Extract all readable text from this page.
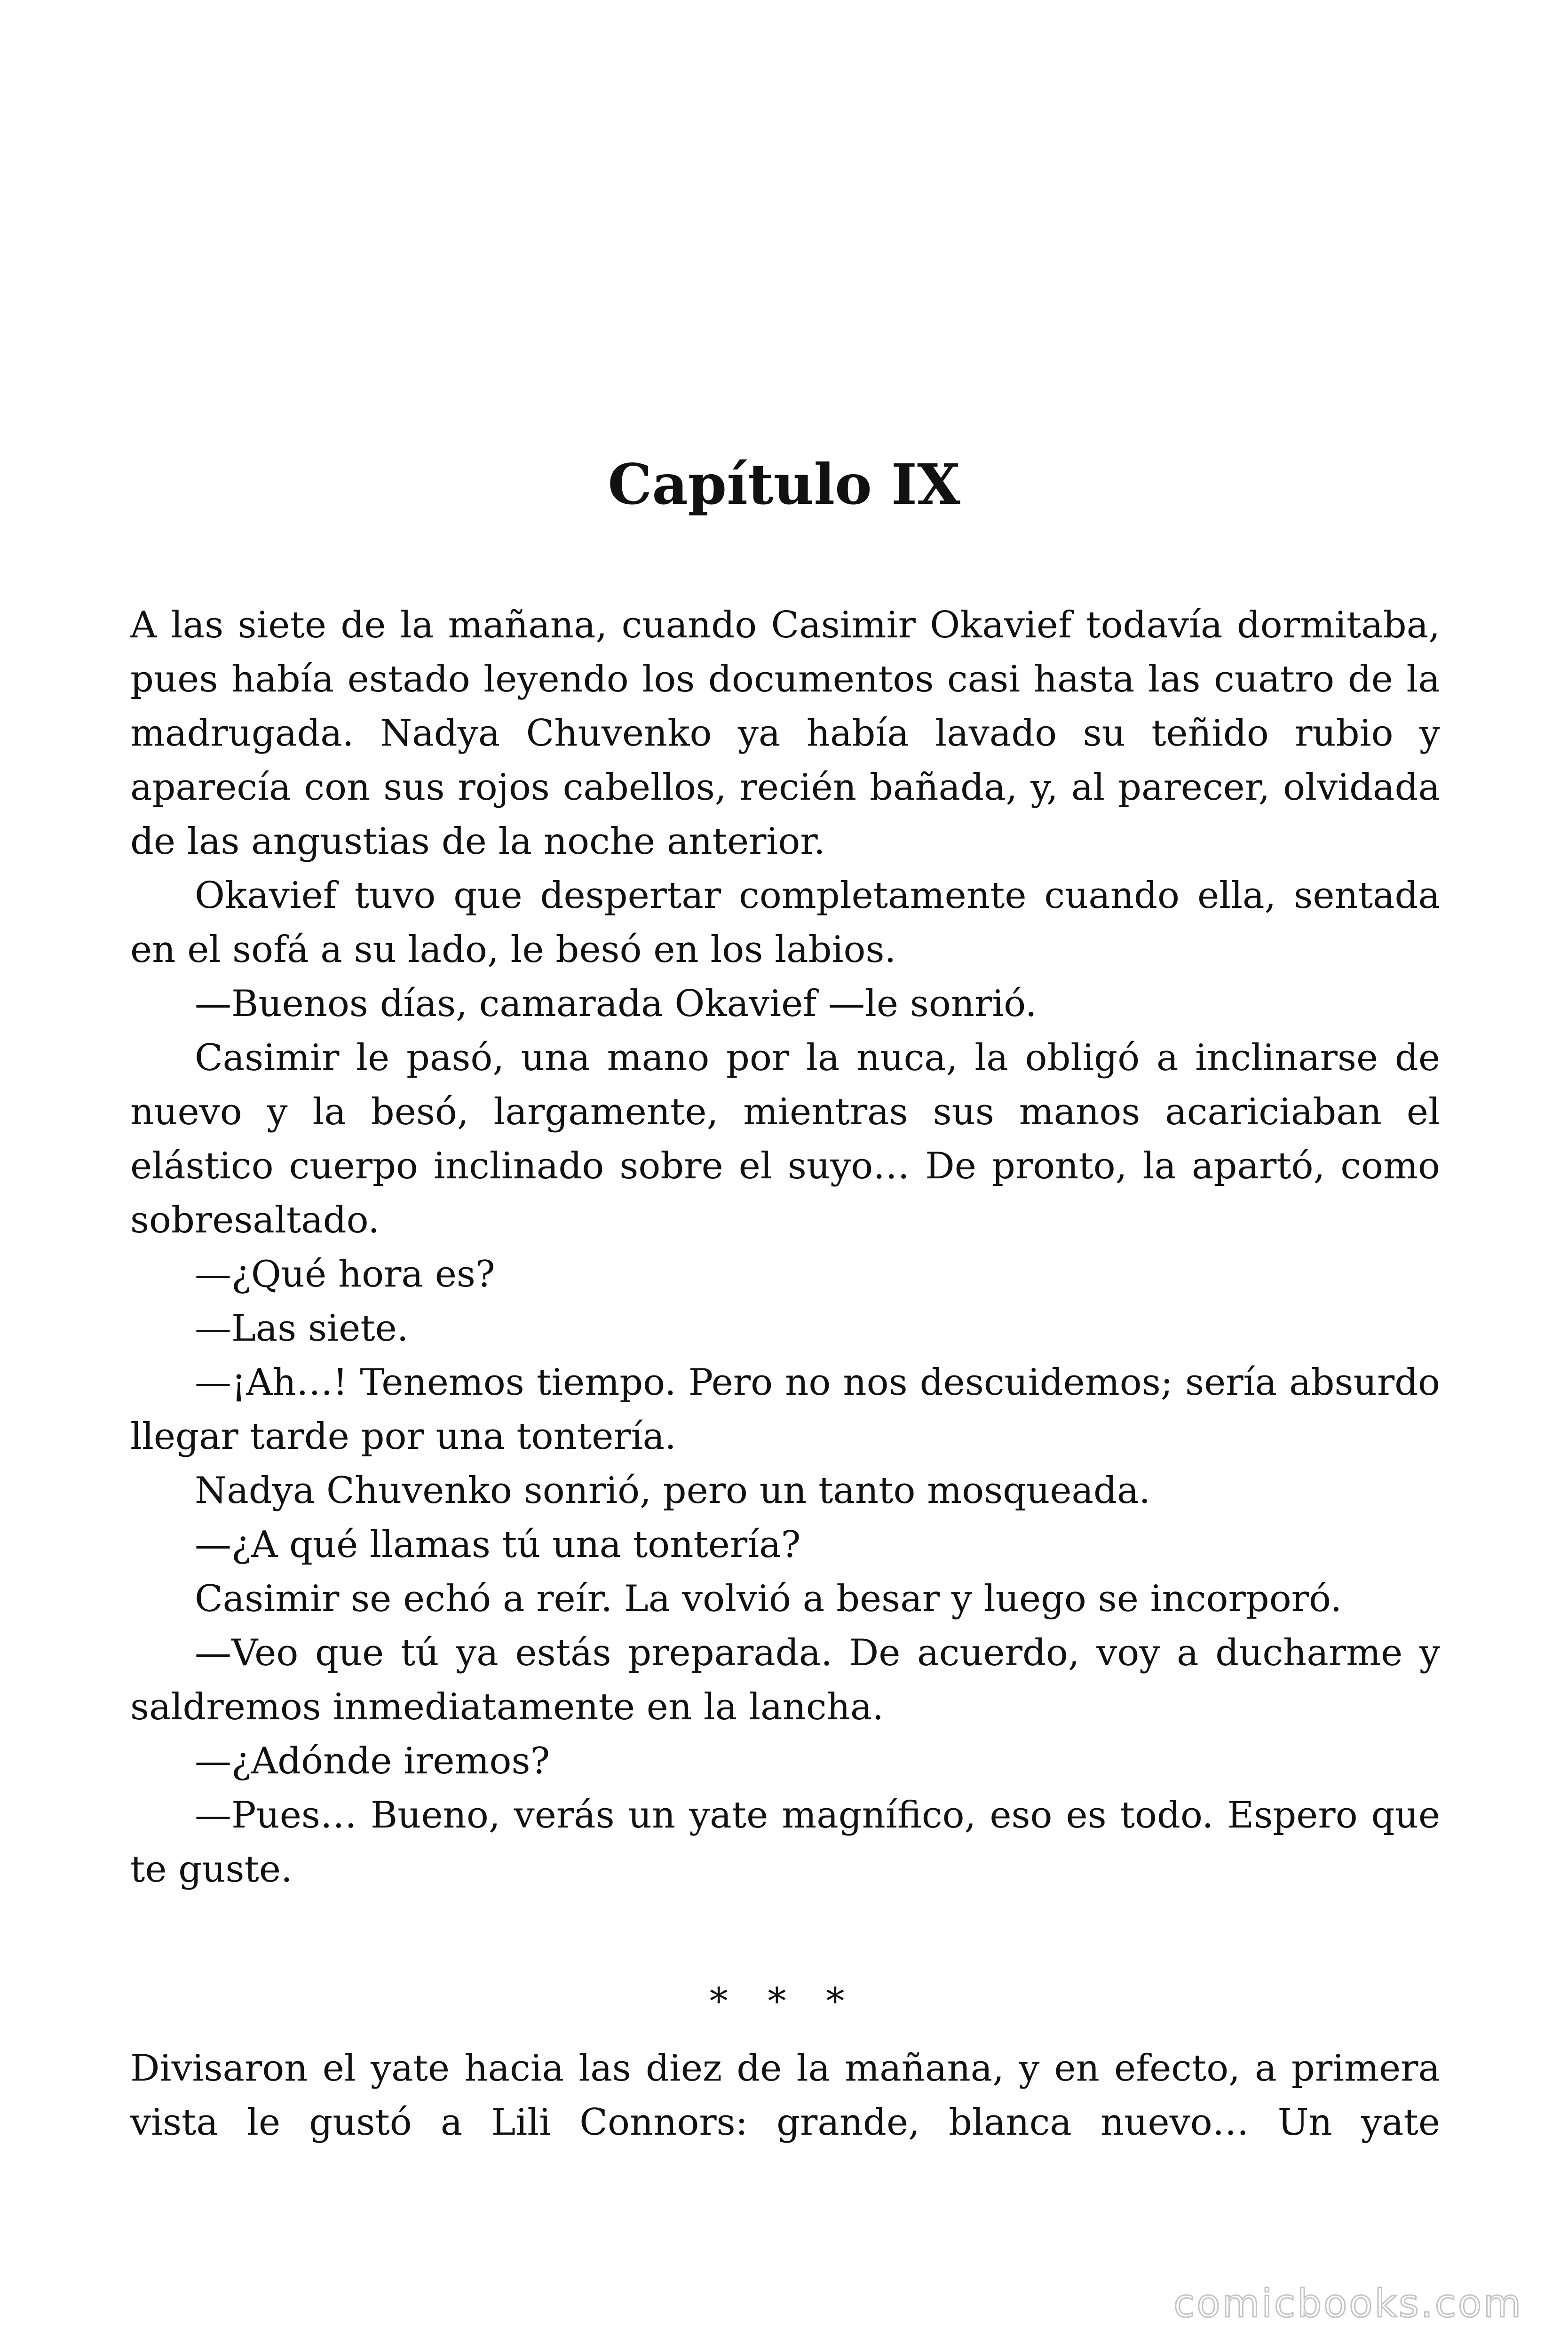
Capítulo IX

A las siete de la mañana, cuando Casimir Okavief todavía dormitaba, pues había estado leyendo los documentos casi hasta las cuatro de la madrugada. Nadya Chuvenko ya había lavado su teñido rubio y aparecía con sus rojos cabellos, recién bañada, y, al parecer, olvidada de las angustias de la noche anterior.

Okavief tuvo que despertar completamente cuando ella, sentada en el sofá a su lado, le besó en los labios.

—Buenos días, camarada Okavief —le sonrió.

Casimir le pasó, una mano por la nuca, la obligó a inclinarse de nuevo y la besó, largamente, mientras sus manos acariciaban el elástico cuerpo inclinado sobre el suyo… De pronto, la apartó, como sobresaltado.

—¿Qué hora es?

—Las siete.

—¡Ah…! Tenemos tiempo. Pero no nos descuidemos; sería absurdo llegar tarde por una tontería.

Nadya Chuvenko sonrió, pero un tanto mosqueada.

—¿A qué llamas tú una tontería?

Casimir se echó a reír. La volvió a besar y luego se incorporó.

—Veo que tú ya estás preparada. De acuerdo, voy a ducharme y saldremos inmediatamente en la lancha.

—¿Adónde iremos?

—Pues… Bueno, verás un yate magnífico, eso es todo. Espero que te guste.

* * *

Divisaron el yate hacia las diez de la mañana, y en efecto, a primera vista le gustó a Lili Connors: grande, blanca nuevo… Un yate

comicbooks.com
